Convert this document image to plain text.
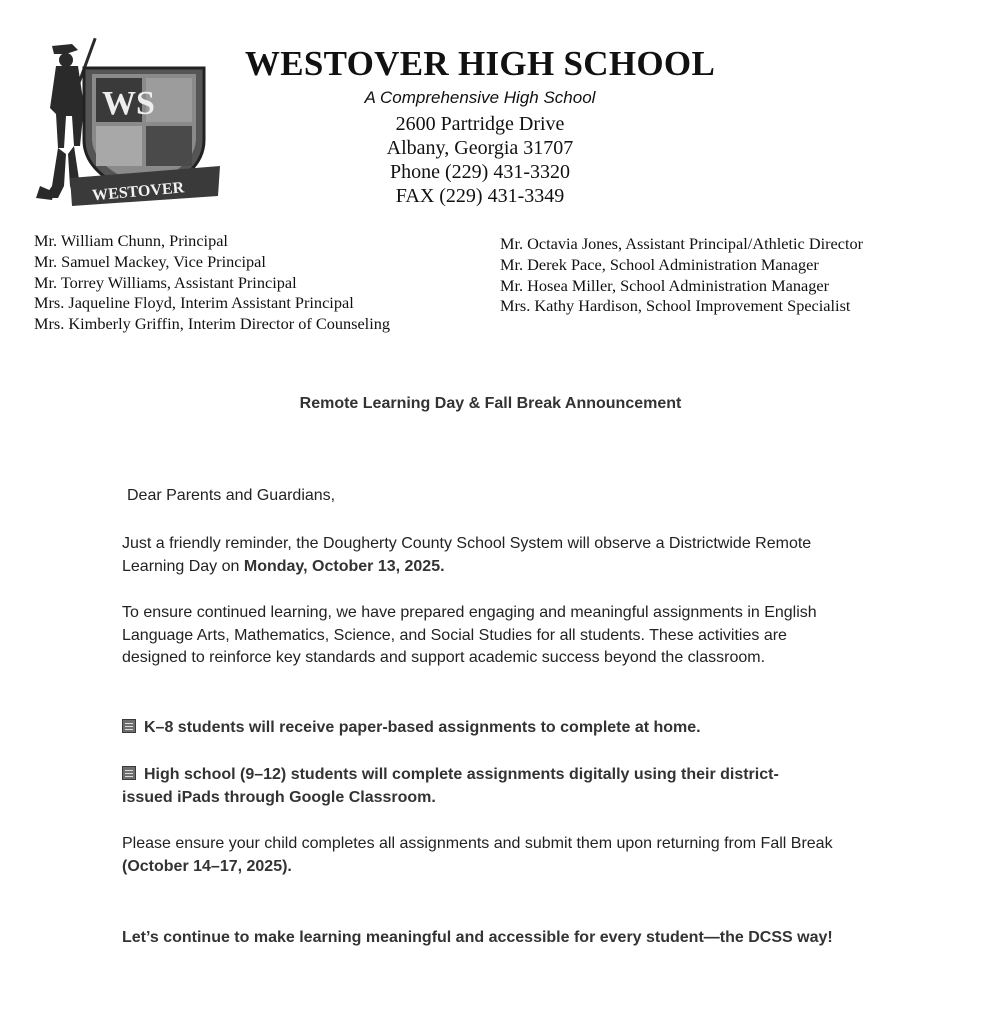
WS
WESTOVER
WESTOVER HIGH SCHOOL
A Comprehensive High School
2600 Partridge Drive
Albany, Georgia 31707
Phone (229) 431-3320
FAX (229) 431-3349
Mr. William Chunn, Principal
Mr. Samuel Mackey, Vice Principal
Mr. Torrey Williams, Assistant Principal
Mrs. Jaqueline Floyd, Interim Assistant Principal
Mrs. Kimberly Griffin, Interim Director of Counseling
Mr. Octavia Jones, Assistant Principal/Athletic Director
Mr. Derek Pace, School Administration Manager
Mr. Hosea Miller, School Administration Manager
Mrs. Kathy Hardison, School Improvement Specialist
Remote Learning Day & Fall Break Announcement
Dear Parents and Guardians,
Just a friendly reminder, the Dougherty County School System will observe a Districtwide Remote Learning Day on Monday, October 13, 2025.
To ensure continued learning, we have prepared engaging and meaningful assignments in English Language Arts, Mathematics, Science, and Social Studies for all students. These activities are designed to reinforce key standards and support academic success beyond the classroom.
K–8 students will receive paper-based assignments to complete at home.
High school (9–12) students will complete assignments digitally using their district-issued iPads through Google Classroom.
Please ensure your child completes all assignments and submit them upon returning from Fall Break (October 14–17, 2025).
Let’s continue to make learning meaningful and accessible for every student—the DCSS way!
